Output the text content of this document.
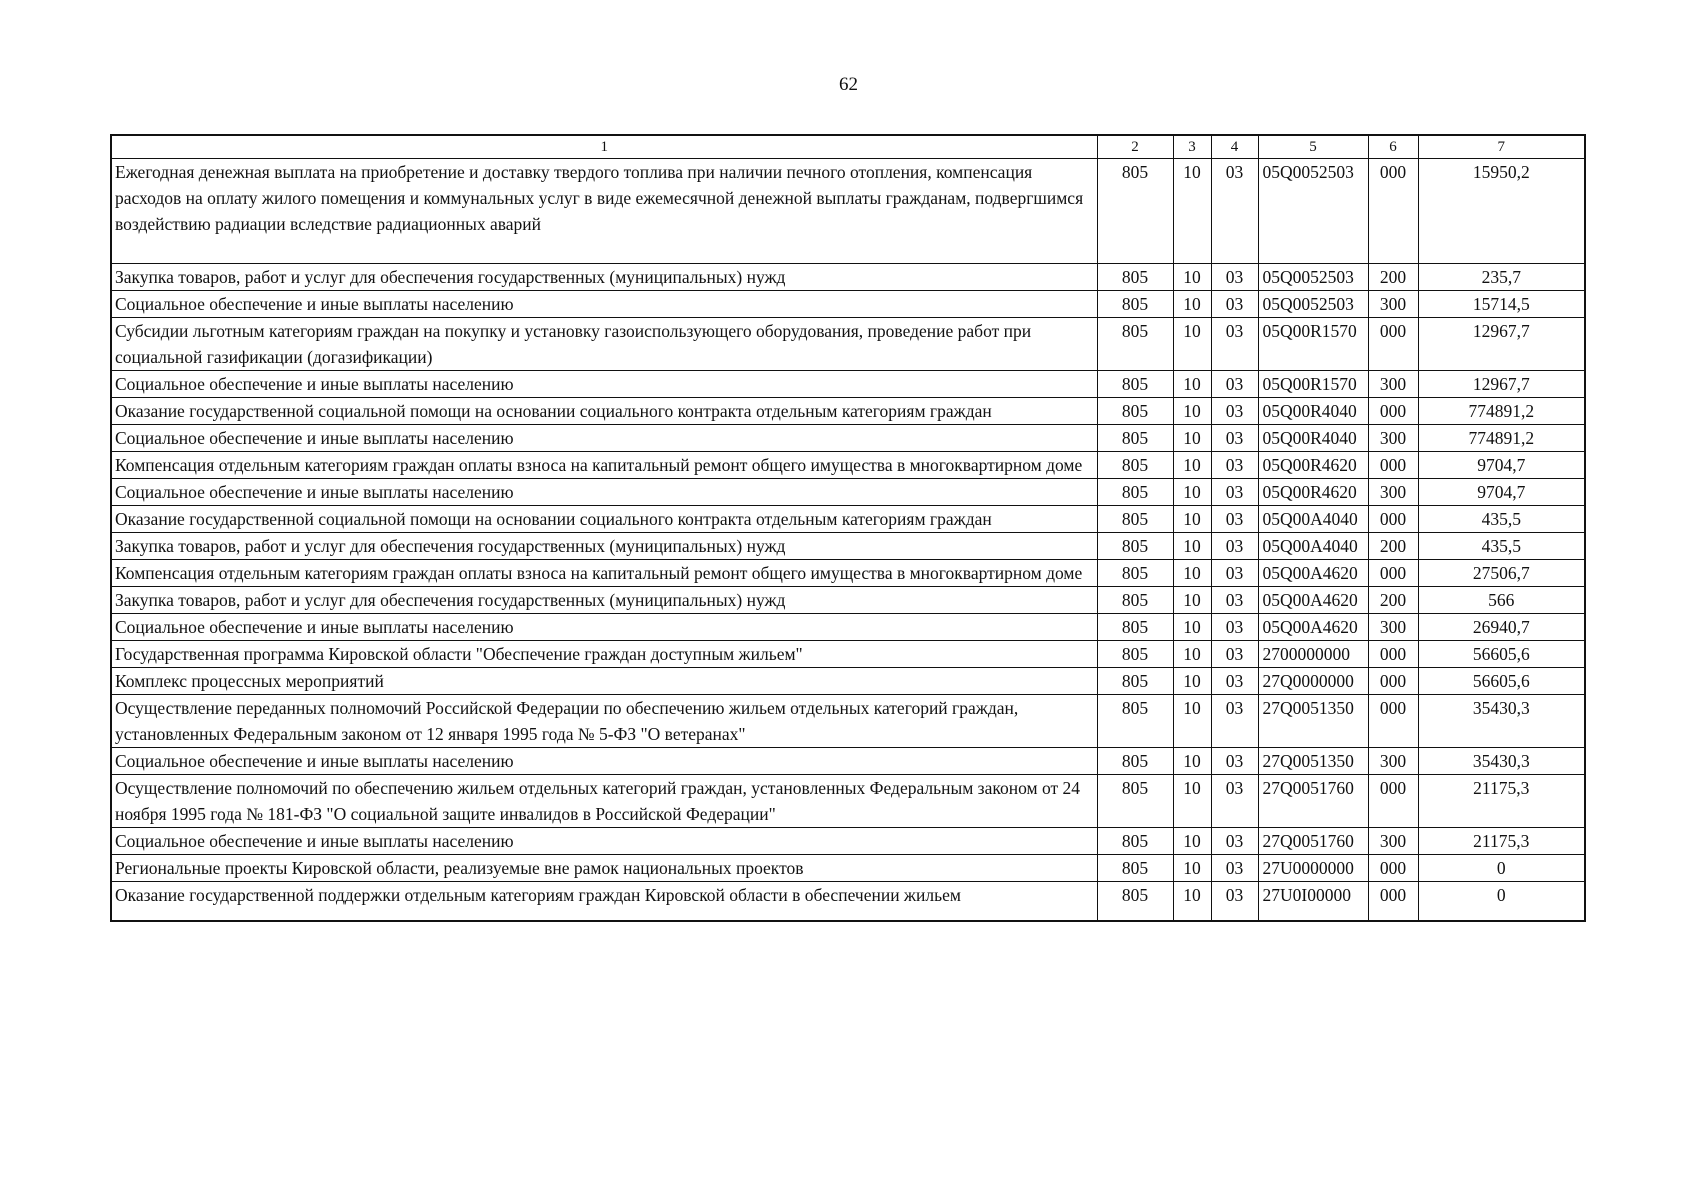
62
1	2	3	4	5	6	7
Ежегодная денежная выплата на приобретение и доставку твердого топлива при наличии печного отопления, компенсация расходов на оплату жилого помещения и коммунальных услуг в виде ежемесячной денежной выплаты гражданам, подвергшимся воздействию радиации вследствие радиационных аварий	805	10	03	05Q0052503	000	15950,2
Закупка товаров, работ и услуг для обеспечения государственных (муниципальных) нужд	805	10	03	05Q0052503	200	235,7
Социальное обеспечение и иные выплаты населению	805	10	03	05Q0052503	300	15714,5
Субсидии льготным категориям граждан на покупку и установку газоиспользующего оборудования, проведение работ при социальной газификации (догазификации)	805	10	03	05Q00R1570	000	12967,7
Социальное обеспечение и иные выплаты населению	805	10	03	05Q00R1570	300	12967,7
Оказание государственной социальной помощи на основании социального контракта отдельным категориям граждан	805	10	03	05Q00R4040	000	774891,2
Социальное обеспечение и иные выплаты населению	805	10	03	05Q00R4040	300	774891,2
Компенсация отдельным категориям граждан оплаты взноса на капитальный ремонт общего имущества в многоквартирном доме	805	10	03	05Q00R4620	000	9704,7
Социальное обеспечение и иные выплаты населению	805	10	03	05Q00R4620	300	9704,7
Оказание государственной социальной помощи на основании социального контракта отдельным категориям граждан	805	10	03	05Q00A4040	000	435,5
Закупка товаров, работ и услуг для обеспечения государственных (муниципальных) нужд	805	10	03	05Q00A4040	200	435,5
Компенсация отдельным категориям граждан оплаты взноса на капитальный ремонт общего имущества в многоквартирном доме	805	10	03	05Q00A4620	000	27506,7
Закупка товаров, работ и услуг для обеспечения государственных (муниципальных) нужд	805	10	03	05Q00A4620	200	566
Социальное обеспечение и иные выплаты населению	805	10	03	05Q00A4620	300	26940,7
Государственная программа Кировской области "Обеспечение граждан доступным жильем"	805	10	03	2700000000	000	56605,6
Комплекс процессных мероприятий	805	10	03	27Q0000000	000	56605,6
Осуществление переданных полномочий Российской Федерации по обеспечению жильем отдельных категорий граждан, установленных Федеральным законом от 12 января 1995 года № 5-ФЗ "О ветеранах"	805	10	03	27Q0051350	000	35430,3
Социальное обеспечение и иные выплаты населению	805	10	03	27Q0051350	300	35430,3
Осуществление полномочий по обеспечению жильем отдельных категорий граждан, установленных Федеральным законом от 24 ноября 1995 года № 181-ФЗ "О социальной защите инвалидов в Российской Федерации"	805	10	03	27Q0051760	000	21175,3
Социальное обеспечение и иные выплаты населению	805	10	03	27Q0051760	300	21175,3
Региональные проекты Кировской области, реализуемые вне рамок национальных проектов	805	10	03	27U0000000	000	0
Оказание государственной поддержки отдельным категориям граждан Кировской области в обеспечении жильем	805	10	03	27U0I00000	000	0
